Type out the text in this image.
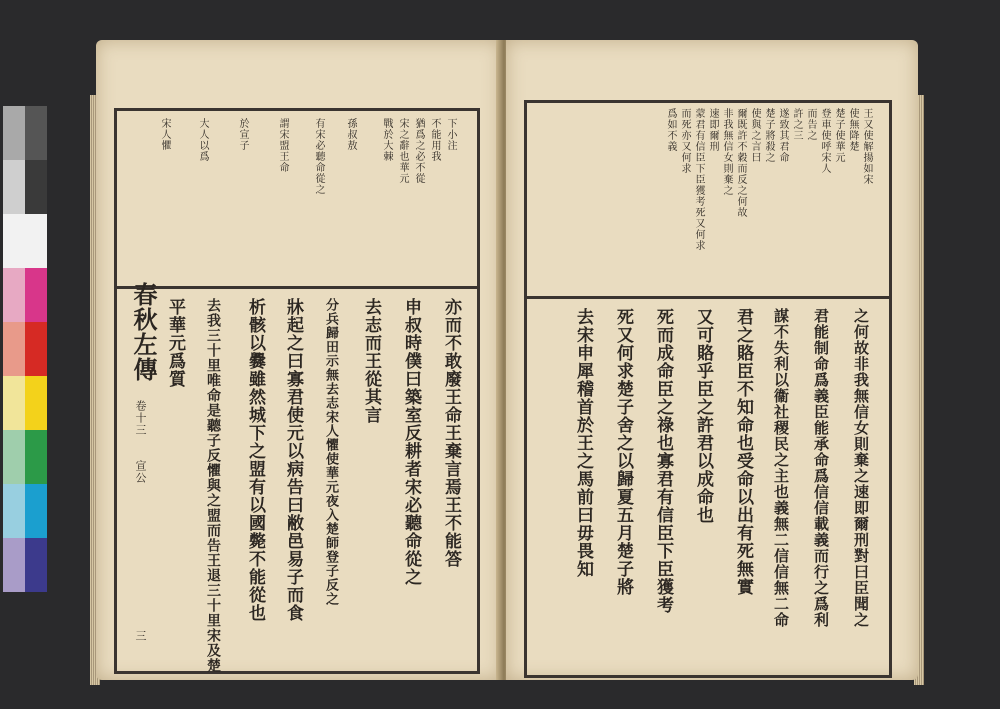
下小注
不能用我
猶爲之必不從
宋之辭也華元
戰於大棘
孫叔敖
有宋必聽命從之
謂宋盟王命
於宣子
大人以爲
宋人懼
亦而不敢廢王命王棄言焉王不能答
申叔時僕曰築室反耕者宋必聽命從之
去志而王從其言
分兵歸田示無去志宋人懼使華元夜入楚師登子反之
牀起之曰寡君使元以病告曰敝邑易子而食
析骸以爨雖然城下之盟有以國斃不能從也
去我三十里唯命是聽子反懼與之盟而告王退三十里宋及楚
平華元爲質
春秋左傳
卷十三
宣公
三
王又使解揚如宋
使無降楚
楚子使華元
登車使呼宋人
而告之
許之三
遂致其君命
楚子將殺之
使與之言曰
爾既許不穀而反之何故
非我無信女則棄之
速即爾刑
蒙君有信臣下臣獲考死又何求
而死亦又何求
爲如不義
之何故非我無信女則棄之速即爾刑對曰臣聞之
君能制命爲義臣能承命爲信信載義而行之爲利
謀不失利以衞社稷民之主也義無二信信無二命
君之賂臣不知命也受命以出有死無實
又可賂乎臣之許君以成命也
死而成命臣之祿也寡君有信臣下臣獲考
死又何求楚子舍之以歸夏五月楚子將
去宋申犀稽首於王之馬前曰毋畏知
